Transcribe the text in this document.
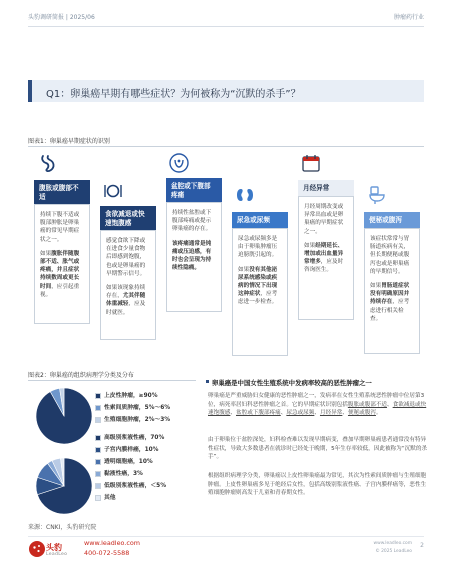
头豹调研简报 | 2025/06	肿瘤药行业
Q1：卵巢癌早期有哪些症状？为何被称为“沉默的杀手”？
图表1：卵巢癌早期症状的识别
腹胀或腹部不适
持续下腹不适或腹部肿胀是卵巢癌的常见早期症状之一。
如果腹胀伴随腹部不适、胀气或疼痛，并且症状持续数周或更长时间，应引起重视。
食欲减退或快速饱腹感
感觉食欲下降或在进食少量食物后即感到饱腹，也或是卵巢癌的早期警示信号。
如果该现象持续存在，尤其伴随体重减轻，应及时就医。
盆腔或下腹部疼痛
持续性盆腔或下腹部疼痛或提示卵巢癌的存在。
该疼痛通常是钝痛或压迫感，有时也会呈现为持续性隐痛。
尿急或尿频
尿急或尿频多是由于卵巢肿瘤压迫膀胱引起的。
如果没有其他泌尿系统感染或疾病的情况下出现这种症状，应考虑进一步检查。
月经异常
月经周期改变或异常出血或是卵巢癌的早期症状之一。
如果经期延长、增加或出血量异常增多，应及时咨询医生。
便秘或腹泻
该症状常常与胃肠道疾病有关，但长期便秘或腹泻也或是卵巢癌的早期信号。
如果胃肠道症状没有明确原因并持续存在，应考虑进行相关检查。
图表2：卵巢癌的组织病理学分类及分布
上皮性肿瘤，≥90%
性索间质肿瘤，5%～6%
生殖细胞肿瘤，2%～3%
高级别浆液性癌，70%
子宫内膜样癌，10%
透明细胞癌，10%
黏液性癌，3%
低级别浆液性癌，＜5%
其他
卵巢癌是中国女性生殖系统中发病率较高的恶性肿瘤之一
卵巢癌是严重威胁妇女健康的恶性肿瘤之一，发病率在女性生殖系统恶性肿瘤中位居第3位，病死率居妇科恶性肿瘤之首。它的早期症状识别包括腹胀或腹部不适、食欲减退或快速饱腹感、盆腔或下腹部疼痛、尿急或尿频、月经异常、便秘或腹泻。
由于卵巢位于盆腔深处，妇科检查难以发现早期病变，叠加早期卵巢癌患者通常没有特异性症状，导致大多数患者在就诊时已经处于晚期，5年生存率较低，因此被称为“沉默的杀手”。
根据组织病理学分类，卵巢癌以上皮性卵巢癌最为常见，其次为性索间质肿瘤与生殖细胞肿瘤。上皮性卵巢癌多见于绝经后女性，包括高级别浆液性癌、子宫内膜样癌等，恶性生殖细胞肿瘤则高发于儿童和青春期女性。
来源：CNKI，头豹研究院
头豹
LeadLeo
www.leadleo.com
400-072-5588
www.leadleo.com
© 2025 LeadLeo
2
